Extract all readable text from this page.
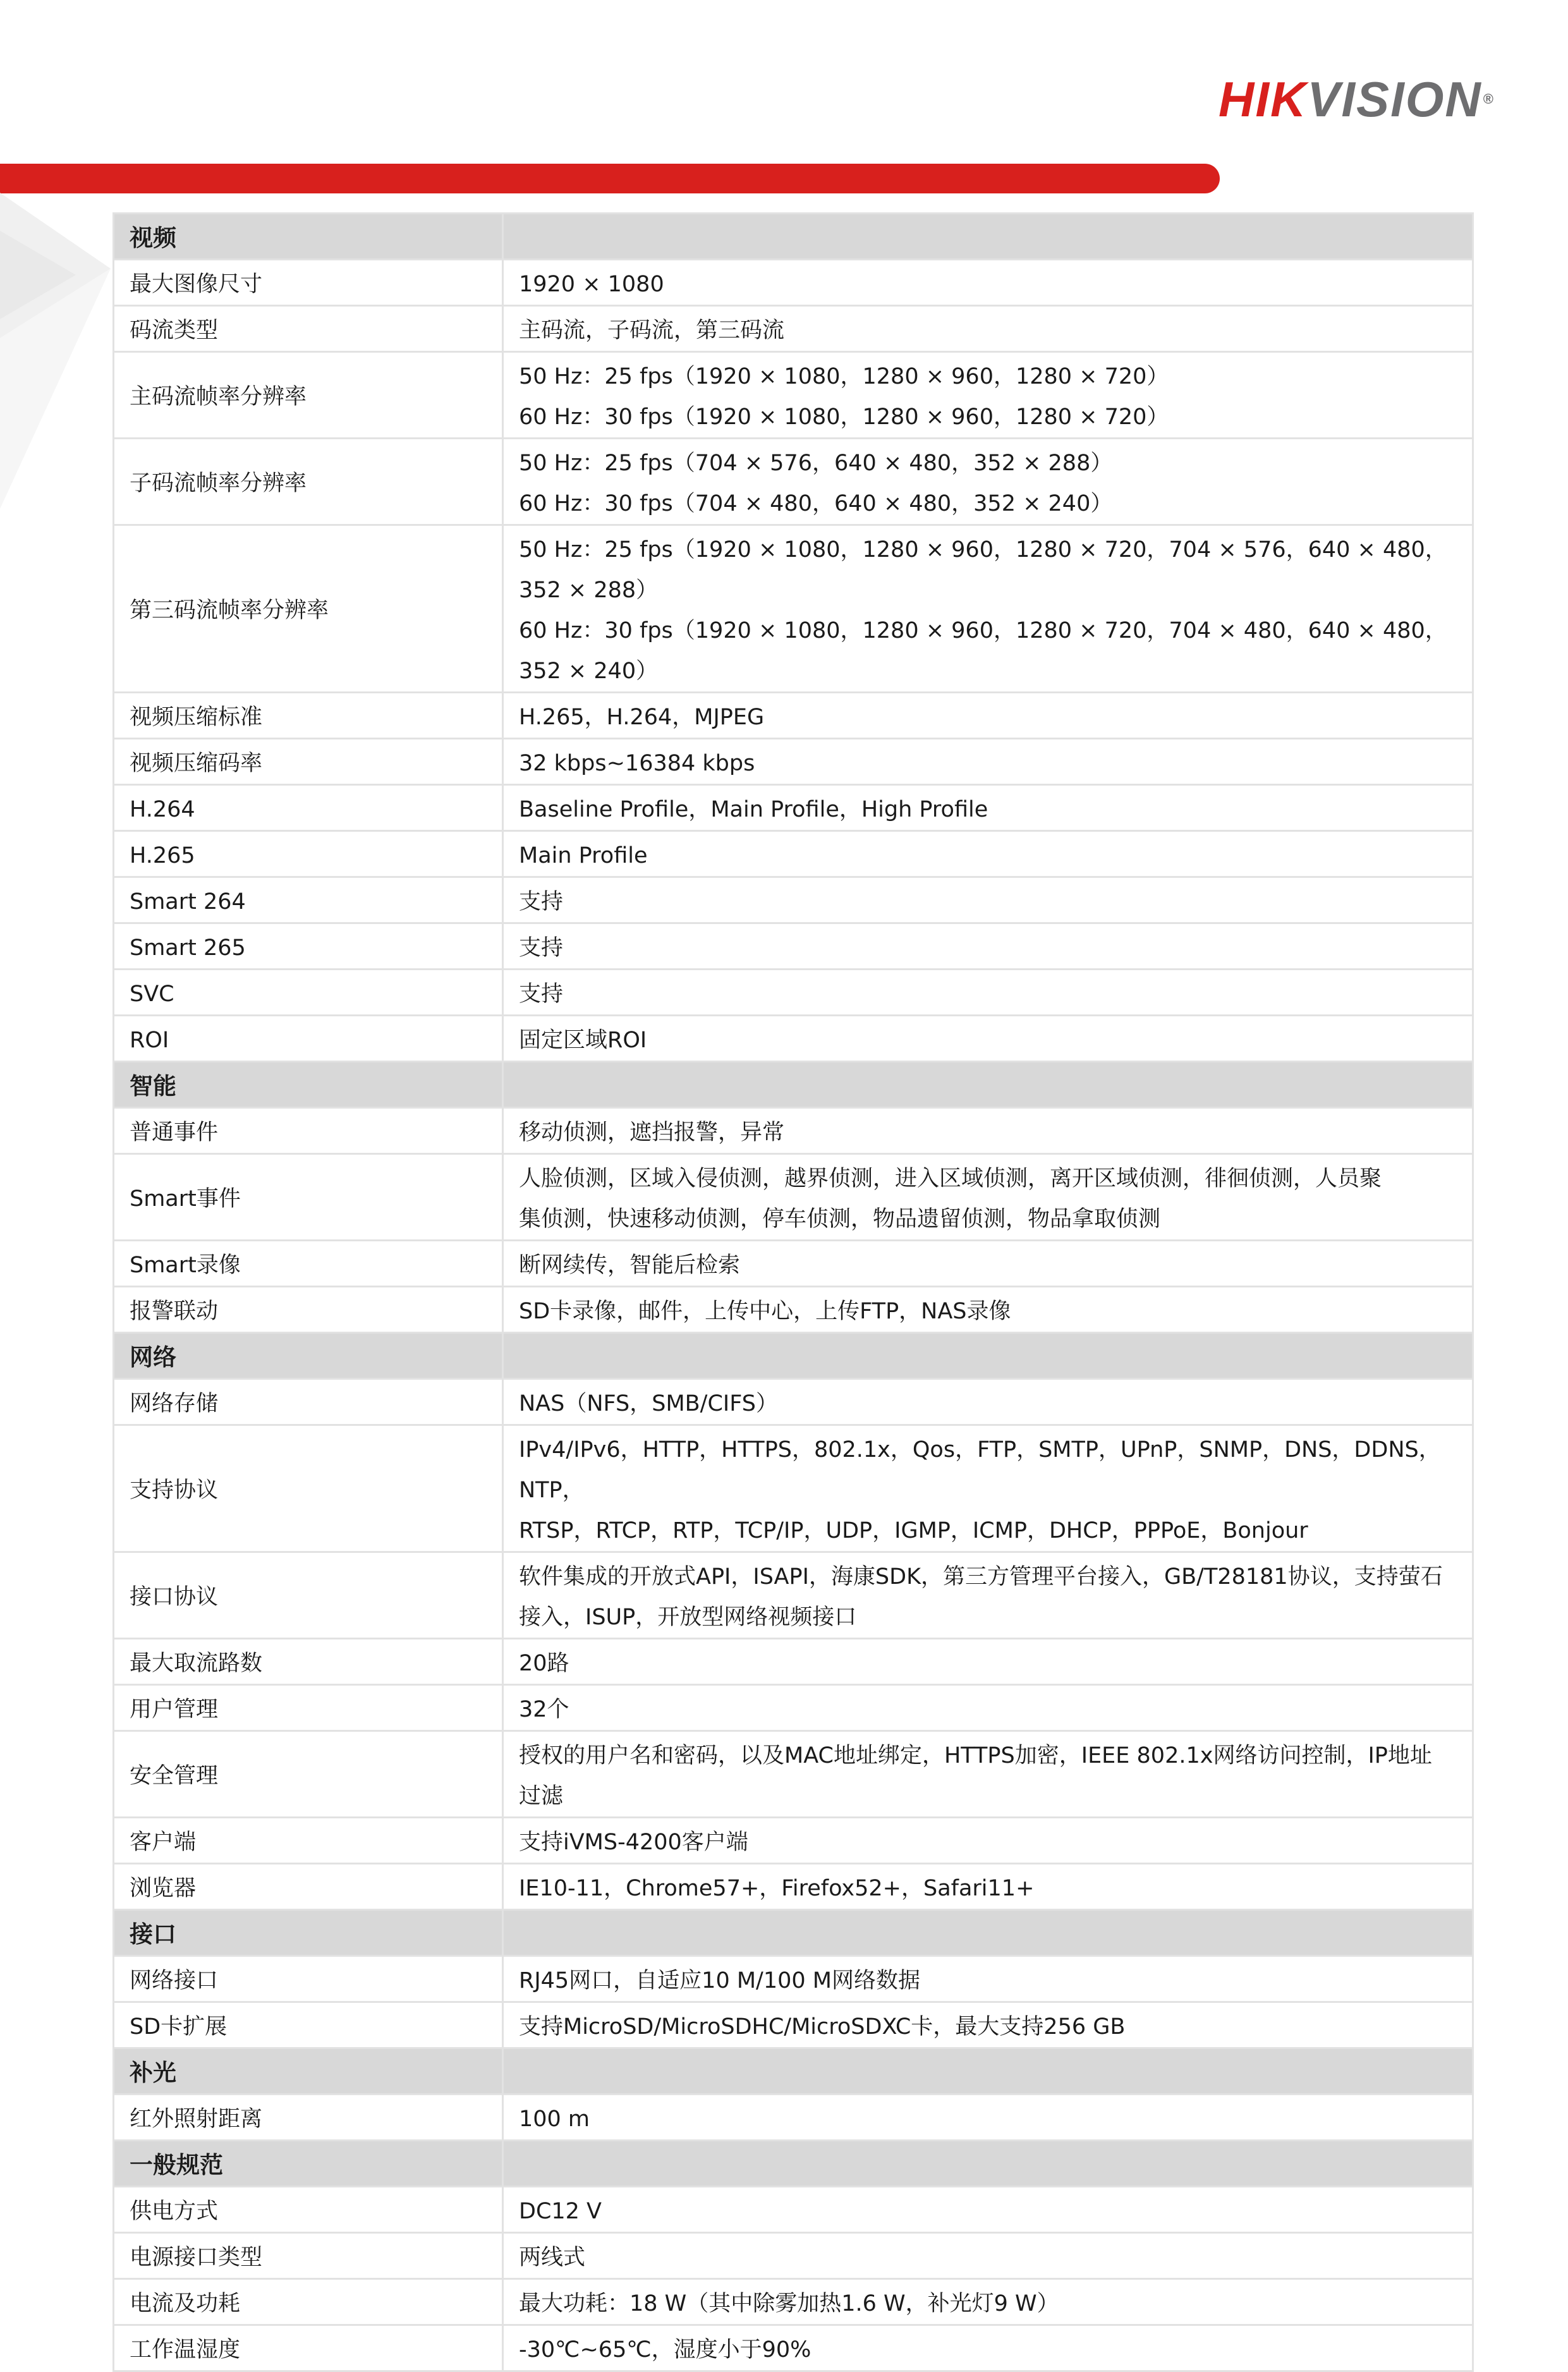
HIKVISION®
视频	
最大图像尺寸	1920 × 1080

码流类型	主码流，子码流，第三码流

主码流帧率分辨率	50 Hz：25 fps（1920 × 1080，1280 × 960，1280 × 720）
60 Hz：30 fps（1920 × 1080，1280 × 960，1280 × 720）

子码流帧率分辨率	50 Hz：25 fps（704 × 576，640 × 480，352 × 288）
60 Hz：30 fps（704 × 480，640 × 480，352 × 240）

第三码流帧率分辨率	50 Hz：25 fps（1920 × 1080，1280 × 960，1280 × 720，704 × 576，640 × 480，352 × 288）
60 Hz：30 fps（1920 × 1080，1280 × 960，1280 × 720，704 × 480，640 × 480，352 × 240）

视频压缩标准	H.265，H.264，MJPEG

视频压缩码率	32 kbps~16384 kbps

H.264	Baseline Profile，Main Profile，High Profile

H.265	Main Profile

Smart 264	支持

Smart 265	支持

SVC	支持

ROI	固定区域ROI

智能	
普通事件	移动侦测，遮挡报警，异常

Smart事件	人脸侦测，区域入侵侦测，越界侦测，进入区域侦测，离开区域侦测，徘徊侦测，人员聚
集侦测，快速移动侦测，停车侦测，物品遗留侦测，物品拿取侦测

Smart录像	断网续传，智能后检索

报警联动	SD卡录像，邮件，上传中心，上传FTP，NAS录像

网络	
网络存储	NAS（NFS，SMB/CIFS）

支持协议	IPv4/IPv6，HTTP，HTTPS，802.1x，Qos，FTP，SMTP，UPnP，SNMP，DNS，DDNS，NTP，
RTSP，RTCP，RTP，TCP/IP，UDP，IGMP，ICMP，DHCP，PPPoE，Bonjour

接口协议	软件集成的开放式API，ISAPI，海康SDK，第三方管理平台接入，GB/T28181协议，支持萤石
接入，ISUP，开放型网络视频接口

最大取流路数	20路

用户管理	32个

安全管理	授权的用户名和密码，以及MAC地址绑定，HTTPS加密，IEEE 802.1x网络访问控制，IP地址
过滤

客户端	支持iVMS-4200客户端

浏览器	IE10-11，Chrome57+，Firefox52+，Safari11+

接口	
网络接口	RJ45网口，自适应10 M/100 M网络数据

SD卡扩展	支持MicroSD/MicroSDHC/MicroSDXC卡，最大支持256 GB

补光	
红外照射距离	100 m

一般规范	
供电方式	DC12 V

电源接口类型	两线式

电流及功耗	最大功耗：18 W（其中除雾加热1.6 W，补光灯9 W）

工作温湿度	-30℃~65℃，湿度小于90%
